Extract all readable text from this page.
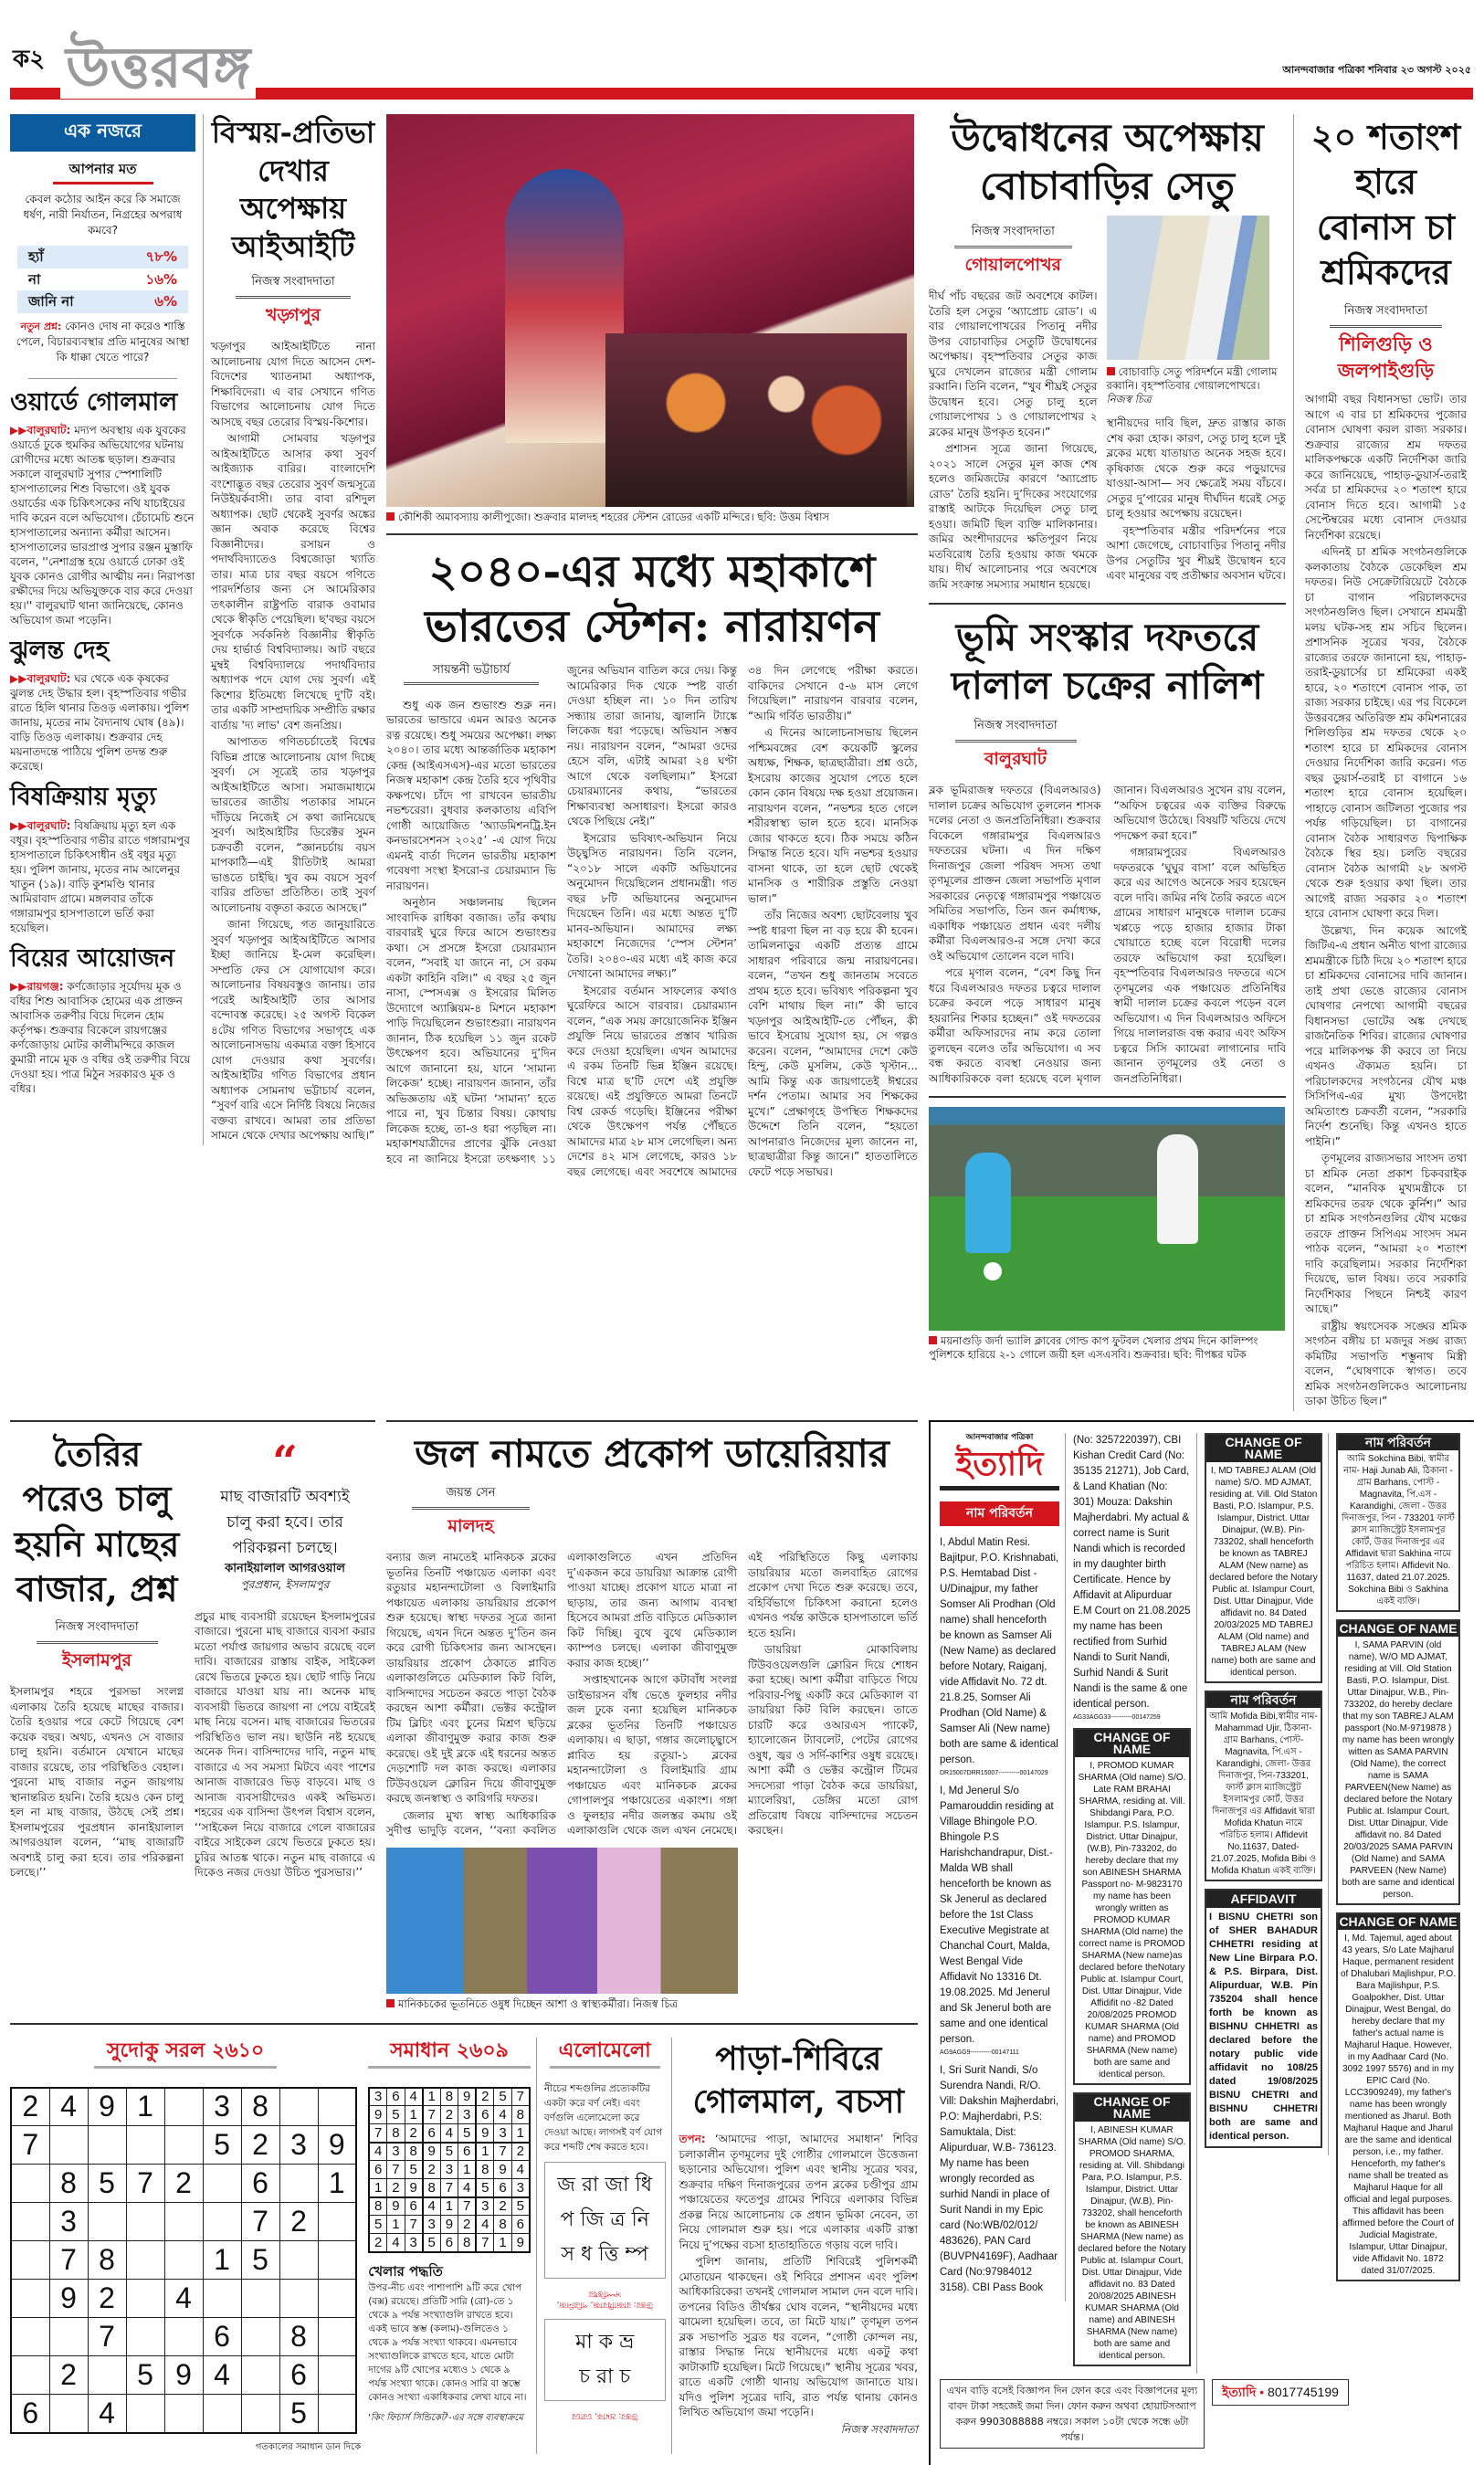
ক২ উত্তরবঙ্গ	আনন্দবাজার পত্রিকা শনিবার ২৩ অগস্ট ২০২৫
এক নজরে
আপনার মত
কেবল কঠোর আইন করে কি সমাজে ধর্ষণ, নারী নির্যাতন, নিগ্রহের অপরাধ কমবে?
হ্যাঁ	৭৮%
না	১৬%
জানি না	৬%
নতুন প্রশ্ন: কোনও দোষ না করেও শাস্তি পেলে, বিচারব্যবস্থার প্রতি মানুষের আস্থা কি ধাক্কা খেতে পারে?
ওয়ার্ডে গোলমাল

▶▶বালুরঘাট: মদ্যপ অবস্থায় এক যুবকের ওয়ার্ডে ঢুকে হুমকির অভিযোগের ঘটনায় রোগীদের মধ্যে আতঙ্ক ছড়াল। শুক্রবার সকালে বালুরঘাট সুপার স্পেশালিটি হাসপাতালের শিশু বিভাগে। ওই যুবক ওয়ার্ডের এক চিকিৎসকের নথি যাচাইয়ের দাবি করেন বলে অভিযোগ। চেঁচামেচি শুনে হাসপাতালের অন্যান্য কর্মীরা আসেন। হাসপাতালের ভারপ্রাপ্ত সুপার রঞ্জন মুস্তাফি বলেন, ''নেশাগ্রস্ত হয়ে ওয়ার্ডে ঢোকা ওই যুবক কোনও রোগীর আত্মীয় নন। নিরাপত্তা রক্ষীদের দিয়ে অভিযুক্তকে বার করে দেওয়া হয়।'' বালুরঘাট থানা জানিয়েছে, কোনও অভিযোগ জমা পড়েনি।

ঝুলন্ত দেহ

▶▶বালুরঘাট: ঘর থেকে এক কৃষকের ঝুলন্ত দেহ উদ্ধার হল। বৃহস্পতিবার গভীর রাতে হিলি থানার তিওড় এলাকায়। পুলিশ জানায়, মৃতের নাম বৈদ্যনাথ ঘোষ (৪৯)। বাড়ি তিওড় এলাকায়। শুক্রবার দেহ ময়নাতদন্তে পাঠিয়ে পুলিশ তদন্ত শুরু করেছে।

বিষক্রিয়ায় মৃত্যু

▶▶বালুরঘাট: বিষক্রিয়ায় মৃত্যু হল এক বধূর। বৃহস্পতিবার গভীর রাতে গঙ্গারামপুর হাসপাতালে চিকিৎসাধীন ওই বধূর মৃত্যু হয়। পুলিশ জানায়, মৃতের নাম আলেনুর খাতুন (১৯)। বাড়ি কুশমণ্ডি থানার আমিরাবাদ গ্রামে। মঙ্গলবার তাঁকে গঙ্গারামপুর হাসপাতালে ভর্তি করা হয়েছিল।

বিয়ের আয়োজন

▶▶রায়গঞ্জ: কর্ণজোড়ার সূর্যোদয় মূক ও বধির শিশু আবাসিক হোমের এক প্রাক্তন আবাসিক তরুণীর বিয়ে দিলেন হোম কর্তৃপক্ষ। শুক্রবার বিকেলে রায়গঞ্জের কর্ণজোড়ায় মোটর কালীমন্দিরে কাজল কুমারী নামে মূক ও বধির ওই তরুণীর বিয়ে দেওয়া হয়। পাত্র মিঠুন সরকারও মূক ও বধির।

বিস্ময়-প্রতিভা দেখার অপেক্ষায় আইআইটি
নিজস্ব সংবাদদাতা
খড়্গপুর

খড়্গপুর আইআইটিতে নানা আলোচনায় যোগ দিতে আসেন দেশ-বিদেশের খ্যাতনামা অধ্যাপক, শিক্ষাবিদেরা। এ বার সেখানে গণিত বিভাগের আলোচনায় যোগ দিতে আসছে বছর তেরোর বিস্ময়-কিশোর।

আগামী সোমবার খড়্গপুর আইআইটিতে আসার কথা সুবর্ণ আইজ্যাক বারির। বাংলাদেশি বংশোদ্ভূত বছর তেরোর সুবর্ণ জন্মসূত্রে নিউইয়র্কবাসী। তার বাবা রশিদুল অধ্যাপক। ছোট থেকেই সুবর্ণর অঙ্কের জ্ঞান অবাক করেছে বিশ্বের বিজ্ঞানীদের। রসায়ন ও পদার্থবিদ্যাতেও বিশ্বজোড়া খ্যাতি তার। মাত্র চার বছর বয়সে গণিতে পারদর্শিতার জন্য সে আমেরিকার তৎকালীন রাষ্ট্রপতি বারাক ওবামার থেকে স্বীকৃতি পেয়েছিল। ছ'বছর বয়সে সুবর্ণকে সর্বকনিষ্ঠ বিজ্ঞানীর স্বীকৃতি দেয় হার্ভার্ড বিশ্ববিদ্যালয়। আট বছরে মুম্বই বিশ্ববিদ্যালয়ে পদার্থবিদ্যার অধ্যাপক পদে যোগ দেয় সুবর্ণ। এই কিশোর ইতিমধ্যে লিখেছে দু'টি বই। তার একটি সাম্প্রদায়িক সম্প্রীতি রক্ষার বার্তায় 'দ্য লাভ' বেশ জনপ্রিয়।

আপাতত গণিতচর্চাতেই বিশ্বের বিভিন্ন প্রান্তে আলোচনায় যোগ দিচ্ছে সুবর্ণ। সে সূত্রেই তার খড়্গপুর আইআইটিতে আসা। সমাজমাধ্যমে ভারতের জাতীয় পতাকার সামনে দাঁড়িয়ে নিজেই সে কথা জানিয়েছে সুবর্ণ। আইআইটির ডিরেক্টর সুমন চক্রবর্তী বলেন, “জ্ঞানচর্চায় বয়স মাপকাঠি—এই রীতিটাই আমরা ভাঙতে চাইছি। খুব কম বয়সে সুবর্ণ বারির প্রতিভা প্রতিষ্ঠিত। তাই সুবর্ণ আলোচনায় বক্তৃতা করতে আসছে।”

জানা গিয়েছে, গত জানুয়ারিতে সুবর্ণ খড়্গপুর আইআইটিতে আসার ইচ্ছা জানিয়ে ই-মেল করেছিল। সম্প্রতি ফের সে যোগাযোগ করে। আলোচনার বিষয়বস্তুও জানায়। তার পরেই আইআইটি তার আসার বন্দোবস্ত করেছে। ২৫ অগস্ট বিকেল ৪টেয় গণিত বিভাগের সভাগৃহে এক আলোচনাসভায় একমাত্র বক্তা হিসাবে যোগ দেওয়ার কথা সুবর্ণের। আইআইটির গণিত বিভাগের প্রধান অধ্যাপক সোমনাথ ভট্টাচার্য বলেন, “সুবর্ণ বারি এসে নির্দিষ্ট বিষয়ে নিজের বক্তব্য রাখবে। আমরা তার প্রতিভা সামনে থেকে দেখার অপেক্ষায় আছি।”

কৌশিকী অমাবস্যায় কালীপুজো। শুক্রবার মালদহ শহরের স্টেশন রোডের একটি মন্দিরে। ছবি: উত্তম বিশ্বাস
২০৪০-এর মধ্যে মহাকাশে ভারতের স্টেশন: নারায়ণন
সায়ন্তনী ভট্টাচার্য

শুধু এক জন শুভাংশু শুক্ল নন। ভারতের ভান্ডারে এমন আরও অনেক রত্ন রয়েছে। শুধু সময়ের অপেক্ষা। লক্ষ্য ২০৪০। তার মধ্যে আন্তর্জাতিক মহাকাশ কেন্দ্র (আইএসএস)-এর মতো ভারতের নিজস্ব মহাকাশ কেন্দ্র তৈরি হবে পৃথিবীর কক্ষপথে। চাঁদে পা রাখবেন ভারতীয় নভশ্চরেরা। বুধবার কলকাতায় এবিপি গোষ্ঠী আয়োজিত ‘অ্যাডমিশনট্রি.ইন কনভারসেশনস ২০২৫’ -এ যোগ দিয়ে এমনই বার্তা দিলেন ভারতীয় মহাকাশ গবেষণা সংস্থা ইসরো-র চেয়ারম্যান ভি নারায়ণন।

অনুষ্ঠান সঞ্চালনায় ছিলেন সাংবাদিক রাধিকা বজাজ। তাঁর কথায় বারবারই ঘুরে ফিরে আসে শুভাংশুর কথা। সে প্রসঙ্গে ইসরো চেয়ারম্যান বলেন, “সবাই যা জানে না, সে রকম একটা কাহিনি বলি।” এ বছর ২৫ জুন নাসা, স্পেসএক্স ও ইসরোর মিলিত উদ্যোগে অ্যাক্সিয়ম-৪ মিশনে মহাকাশ পাড়ি দিয়েছিলেন শুভাংশুরা। নারায়ণন জানান, ঠিক হয়েছিল ১১ জুন রকেট উৎক্ষেপণ হবে। অভিযানের দু’দিন আগে জানানো হয়, যানে ‘সামান্য লিকেজ’ হচ্ছে। নারায়ণন জানান, তাঁর অভিজ্ঞতায় এই ঘটনা ‘সামান্য’ হতে পারে না, খুব চিন্তার বিষয়। কোথায় লিকেজ হচ্ছে, তা-ও ধরা পড়ছিল না। মহাকাশযাত্রীদের প্রাণের ঝুঁকি নেওয়া হবে না জানিয়ে ইসরো তৎক্ষণাৎ ১১ জুনের অভিযান বাতিল করে দেয়। কিন্তু আমেরিকার দিক থেকে স্পষ্ট বার্তা দেওয়া হচ্ছিল না। ১০ দিন তারিখ সন্ধ্যায় তারা জানায়, জ্বালানি ট্যাঙ্কে লিকেজ ধরা পড়েছে। অভিযান সম্ভব নয়। নারায়ণন বলেন, “আমরা ওদের হেসে বলি, এটাই আমরা ২৪ ঘণ্টা আগে থেকে বলছিলাম।” ইসরো চেয়ারম্যানের কথায়, “ভারতের শিক্ষাব্যবস্থা অসাধারণ। ইসরো কারও থেকে পিছিয়ে নেই।”

ইসরোর ভবিষ্যৎ-অভিযান নিয়ে উচ্ছ্বসিত নারায়ণন। তিনি বলেন, “২০১৮ সালে একটি অভিযানের অনুমোদন দিয়েছিলেন প্রধানমন্ত্রী। গত বছর ৮টি অভিযানের অনুমোদন দিয়েছেন তিনি। এর মধ্যে অন্তত দু’টি মানব-অভিযান। আমাদের লক্ষ্য মহাকাশে নিজেদের ‘স্পেস স্টেশন’ তৈরি। ২০৪০-এর মধ্যে এই কাজ করে দেখানো আমাদের লক্ষ্য।”

ইসরোর বর্তমান সাফল্যের কথাও ঘুরেফিরে আসে বারবার। চেয়ারম্যান বলেন, “এক সময় ক্রায়োজেনিক ইঞ্জিন প্রযুক্তি নিয়ে ভারতের প্রস্তাব খারিজ করে দেওয়া হয়েছিল। এখন আমাদের এ রকম তিনটি ভিন্ন ইঞ্জিন রয়েছে। বিশ্বে মাত্র ছ’টি দেশে এই প্রযুক্তি রয়েছে। এই প্রযুক্তিতে আমরা তিনটে বিশ্ব রেকর্ড গড়েছি। ইঞ্জিনের পরীক্ষা থেকে উৎক্ষেপণ পর্যন্ত পৌঁছতে আমাদের মাত্র ২৮ মাস লেগেছিল। অন্য দেশের ৪২ মাস লেগেছে, কারও ১৮ বছর লেগেছে। এবং সবশেষে আমাদের ৩৪ দিন লেগেছে পরীক্ষা করতে। বাকিদের সেখানে ৫-৬ মাস লেগে গিয়েছিল।” নারায়ণন বারবার বলেন, “আমি গর্বিত ভারতীয়।”

এ দিনের আলোচনাসভায় ছিলেন পশ্চিমবঙ্গের বেশ কয়েকটি স্কুলের অধ্যক্ষ, শিক্ষক, ছাত্রছাত্রীরা। প্রশ্ন ওঠে, ইসরোয় কাজের সুযোগ পেতে হলে কোন কোন বিষয়ে দক্ষ হওয়া প্রয়োজন। নারায়ণন বলেন, “নভশ্চর হতে গেলে শরীরস্বাস্থ্য ভাল হতে হবে। মানসিক জোর থাকতে হবে। ঠিক সময়ে কঠিন সিদ্ধান্ত নিতে হবে। যদি নভশ্চর হওয়ার বাসনা থাকে, তা হলে ছোট থেকেই মানসিক ও শারীরিক প্রস্তুতি নেওয়া ভাল।”

তাঁর নিজের অবশ্য ছোটবেলায় খুব স্পষ্ট ধারণা ছিল না বড় হয়ে কী হবেন। তামিলনাড়ুর একটি প্রত্যন্ত গ্রামে সাধারণ পরিবারে জন্ম নারায়ণনের। বলেন, “তখন শুধু জানতাম সবেতে প্রথম হতে হবে। ভবিষ্যৎ পরিকল্পনা খুব বেশি মাথায় ছিল না।” কী ভাবে খড়্গপুর আইআইটি-তে পৌঁছন, কী ভাবে ইসরোয় সুযোগ হয়, সে গল্পও করেন। বলেন, “আমাদের দেশে কেউ হিন্দু, কেউ মুসলিম, কেউ খৃস্টান... আমি কিন্তু এক জায়গাতেই ঈশ্বরের দর্শন পেতাম। আমার সব শিক্ষকের মুখে।” প্রেক্ষাগৃহে উপস্থিত শিক্ষকদের উদ্দেশে তিনি বলেন, “হয়তো আপনারাও নিজেদের মূল্য জানেন না, ছাত্রছাত্রীরা কিন্তু জানে।” হাততালিতে ফেটে পড়ে সভাঘর।

উদ্বোধনের অপেক্ষায় বোচাবাড়ির সেতু
নিজস্ব সংবাদদাতা
গোয়ালপোখর

দীর্ঘ পাঁচ বছরের জট অবশেষে কাটল। তৈরি হল সেতুর ‘অ্যাপ্রোচ রোড’। এ বার গোয়ালপোখরের পিতানু নদীর উপর বোচাবাড়ির সেতুটি উদ্বোধনের অপেক্ষায়। বৃহস্পতিবার সেতুর কাজ ঘুরে দেখলেন রাজ্যের মন্ত্রী গোলাম রব্বানি। তিনি বলেন, “খুব শীঘ্রই সেতুর উদ্বোধন হবে। সেতু চালু হলে গোয়ালপোখর ১ ও গোয়ালপোখর ২ ব্লকের মানুষ উপকৃত হবেন।”

প্রশাসন সূত্রে জানা গিয়েছে, ২০২১ সালে সেতুর মূল কাজ শেষ হলেও জমিজটের কারণে ‘অ্যাপ্রোচ রোড’ তৈরি হয়নি। দু’দিকের সংযোগের রাস্তাই আটকে দিয়েছিল সেতু চালু হওয়া। জমিটি ছিল ব্যক্তি মালিকানার। জমির অংশীদারদের ক্ষতিপূরণ নিয়ে মতবিরোধ তৈরি হওয়ায় কাজ থমকে যায়। দীর্ঘ আলোচনার পরে অবশেষে জমি সংক্রান্ত সমস্যার সমাধান হয়েছে।

বোচাবাড়ি সেতু পরিদর্শনে মন্ত্রী গোলাম রব্বানি। বৃহস্পতিবার গোয়ালপোখরে। নিজস্ব চিত্র

স্থানীয়দের দাবি ছিল, দ্রুত রাস্তার কাজ শেষ করা হোক। কারণ, সেতু চালু হলে দুই ব্লকের মধ্যে যাতায়াত অনেক সহজ হবে। কৃষিকাজ থেকে শুরু করে পড়ুয়াদের যাওয়া-আসা— সব ক্ষেত্রেই সময় বাঁচবে। সেতুর দু’পারের মানুষ দীর্ঘদিন ধরেই সেতু চালু হওয়ার অপেক্ষায় রয়েছেন।

বৃহস্পতিবার মন্ত্রীর পরিদর্শনের পরে আশা জেগেছে, বোচাবাড়ির পিতানু নদীর উপর সেতুটির খুব শীঘ্রই উদ্বোধন হবে এবং মানুষের বহু প্রতীক্ষার অবসান ঘটবে।

ভূমি সংস্কার দফতরে দালাল চক্রের নালিশ
নিজস্ব সংবাদদাতা
বালুরঘাট

ব্লক ভূমিরাজস্ব দফতরে (বিএলআরও) দালাল চক্রের অভিযোগ তুললেন শাসক দলের নেতা ও জনপ্রতিনিধিরা। শুক্রবার বিকেলে গঙ্গারামপুর বিএলআরও দফতরের ঘটনা। এ দিন দক্ষিণ দিনাজপুর জেলা পরিষদ সদস্য তথা তৃণমূলের প্রাক্তন জেলা সভাপতি মৃণাল সরকারের নেতৃত্বে গঙ্গারামপুর পঞ্চায়েত সমিতির সভাপতি, তিন জন কর্মাধ্যক্ষ, একাধিক পঞ্চায়েত প্রধান এবং দলীয় কর্মীরা বিএলআরও-র সঙ্গে দেখা করে ওই অভিযোগ তোলেন বলে দাবি।

পরে মৃণাল বলেন, “বেশ কিছু দিন ধরে বিএলআরও দফতর চত্বরে দালাল চক্রের কবলে পড়ে সাধারণ মানুষ হয়রানির শিকার হচ্ছেন।” ওই দফতরের কর্মীরা অফিসারদের নাম করে তোলা তুলছেন বলেও তাঁর অভিযোগ। এ সব বন্ধ করতে ব্যবস্থা নেওয়ার জন্য আধিকারিককে বলা হয়েছে বলে মৃণাল জানান। বিএলআরও সুখেন রায় বলেন, “অফিস চত্বরের এক ব্যক্তির বিরুদ্ধে অভিযোগ উঠেছে। বিষয়টি খতিয়ে দেখে পদক্ষেপ করা হবে।”

গঙ্গারামপুরের বিএলআরও দফতরকে ‘ঘুঘুর বাসা’ বলে অভিহিত করে এর আগেও অনেকে সরব হয়েছেন বলে দাবি। জমির নথি তৈরি করতে এসে গ্রামের সাধারণ মানুষকে দালাল চক্রের খপ্পড়ে পড়ে হাজার হাজার টাকা খোয়াতে হচ্ছে বলে বিরোধী দলের তরফে অভিযোগ করা হয়েছিল। বৃহস্পতিবার বিএলআরও দফতরে এসে তৃণমূলের এক পঞ্চায়েত প্রতিনিধির স্বামী দালাল চক্রের কবলে পড়েন বলে অভিযোগ। এ দিন বিএলআরও অফিসে গিয়ে দালালরাজ বন্ধ করার এবং অফিস চত্বরে সিসি ক্যামেরা লাগানোর দাবি জানান তৃণমূলের ওই নেতা ও জনপ্রতিনিধিরা।

ময়নাগুড়ি জর্দা ভ্যালি ক্লাবের গোল্ড কাপ ফুটবল খেলার প্রথম দিনে কালিম্পং পুলিশকে হারিয়ে ২-১ গোলে জয়ী হল এসএসবি। শুক্রবার। ছবি: দীপঙ্কর ঘটক
২০ শতাংশ হারে বোনাস চা শ্রমিকদের
নিজস্ব সংবাদদাতা
শিলিগুড়ি ও জলপাইগুড়ি

আগামী বছর বিধানসভা ভোট। তার আগে এ বার চা শ্রমিকদের পুজোর বোনাস ঘোষণা করল রাজ্য সরকার। শুক্রবার রাজ্যের শ্রম দফতর মালিকপক্ষকে একটি নির্দেশিকা জারি করে জানিয়েছে, পাহাড়-ডুয়ার্স-তরাই সর্বত্র চা শ্রমিকদের ২০ শতাংশ হারে বোনাস দিতে হবে। আগামী ১৫ সেপ্টেম্বরের মধ্যে বোনাস দেওয়ার নির্দেশিকা রয়েছে।

এদিনই চা শ্রমিক সংগঠনগুলিকে কলকাতায় বৈঠকে ডেকেছিল শ্রম দফতর। নিউ সেক্রেটারিয়েটে বৈঠকে চা বাগান পরিচালকদের সংগঠনগুলিও ছিল। সেখানে শ্রমমন্ত্রী মলয় ঘটক-সহ শ্রম সচিব ছিলেন। প্রশাসনিক সূত্রের খবর, বৈঠকে রাজ্যের তরফে জানানো হয়, পাহাড়-তরাই-ডুয়ার্সের চা শ্রমিকেরা একই হারে, ২০ শতাংশে বোনাস পাক, তা রাজ্য সরকার চাইছে। এর পর বিকেলে উত্তরবঙ্গের অতিরিক্ত শ্রম কমিশনারের শিলিগুড়ির শ্রম দফতর থেকে ২০ শতাংশ হারে চা শ্রমিকদের বোনাস দেওয়ার নির্দেশিকা জারি করেন। গত বছর ডুয়ার্স-তরাই চা বাগানে ১৬ শতাংশ হারে বোনাস হয়েছিল। পাহাড়ে বোনাস জটিলতা পুজোর পর পর্যন্ত গড়িয়েছিল। চা বাগানের বোনাস বৈঠক সাধারণত দ্বিপাক্ষিক বৈঠকে স্থির হয়। চলতি বছরের বোনাস বৈঠক আগামী ২৮ অগস্ট থেকে শুরু হওয়ার কথা ছিল। তার আগেই রাজ্য সরকার ২০ শতাংশ হারে বোনাস ঘোষণা করে দিল।

উল্লেখ্য, দিন কয়েক আগেই জিটিএ-এ প্রধান অনীত থাপা রাজ্যের শ্রমমন্ত্রীকে চিঠি দিয়ে ২০ শতাংশ হারে চা শ্রমিকদের বোনাসের দাবি জানান। তাই প্রথা ভেঙে রাজ্যের বোনাস ঘোষণার নেপথ্যে আগামী বছরের বিধানসভা ভোটের অঙ্ক দেখছে রাজনৈতিক শিবির। রাজ্যের ঘোষণার পরে মালিকপক্ষ কী করবে তা নিয়ে এখনও ঐক্যমত হয়নি। চা পরিচালকদের সংগঠনের যৌথ মঞ্চ সিসিপিএ-এর মুখ্য উপদেষ্টা অমিতাংশু চক্রবর্তী বলেন, “সরকারি নির্দেশ শুনেছি। কিন্তু এখনও হাতে পাইনি।”

তৃণমূলের রাজ্যসভার সাংসদ তথা চা শ্রমিক নেতা প্রকাশ চিকবরাইক বলেন, “মানবিক মুখ্যমন্ত্রীকে চা শ্রমিকদের তরফ থেকে কুর্নিশ।” আর চা শ্রমিক সংগঠনগুলির যৌথ মঞ্চের তরফে প্রাক্তন সিপিএম সাংসদ সমন পাঠক বলেন, “আমরা ২০ শতাংশ দাবি করেছিলাম। সরকার নির্দেশিকা দিয়েছে, ভাল বিষয়। তবে সরকারি নির্দেশিকার পিছনে নিশ্চই কারণ আছে।”

রাষ্ট্রীয় স্বয়ংসেবক সঙ্ঘের শ্রমিক সংগঠন বঙ্গীয় চা মজদুর সঙ্ঘ রাজ্য কমিটির সভাপতি শম্ভুনাথ মিস্ত্রী বলেন, “ঘোষণাকে স্বাগত। তবে শ্রমিক সংগঠনগুলিকেও আলোচনায় ডাকা উচিত ছিল।”

তৈরির পরেও চালু হয়নি মাছের বাজার, প্রশ্ন
নিজস্ব সংবাদদাতা
ইসলামপুর

ইসলামপুর শহরে পুরসভা সংলগ্ন এলাকায় তৈরি হয়েছে মাছের বাজার। তৈরি হওয়ার পরে কেটে গিয়েছে বেশ কয়েক বছর। অথচ, এখনও সে বাজার চালু হয়নি। বর্তমানে যেখানে মাছের বাজার রয়েছে, তার পরিস্থিতিও বেহাল। পুরনো মাছ বাজার নতুন জায়গায় স্থানান্তরিত হয়নি। তৈরি হয়েও কেন চালু হল না মাছ বাজার, উঠছে সেই প্রশ্ন। ইসলামপুরের পুরপ্রধান কানাইয়ালাল আগরওয়াল বলেন, ‘‘মাছ বাজারটি অবশ্যই চালু করা হবে। তার পরিকল্পনা চলছে।’’

“
মাছ বাজারটি অবশ্যই চালু করা হবে। তার পরিকল্পনা চলছে।
কানাইয়ালাল আগরওয়াল
পুরপ্রধান, ইসলামপুর

প্রচুর মাছ ব্যবসায়ী রয়েছেন ইসলামপুরের বাজারে। পুরনো মাছ বাজারে ব্যবসা করার মতো পর্যাপ্ত জায়গার অভাব রয়েছে বলে দাবি। বাজারের রাস্তায় বাইক, সাইকেল রেখে ভিতরে ঢুকতে হয়। ছোট গাড়ি নিয়ে বাজারে যাওয়া যায় না। অনেক মাছ ব্যবসায়ী ভিতরে জায়গা না পেয়ে বাইরেই মাছ নিয়ে বসেন। মাছ বাজারের ভিতরের পরিস্থিতিও ভাল নয়। ছাউনি নষ্ট হয়েছে অনেক দিন। বাসিন্দাদের দাবি, নতুন মাছ বাজারে এ সব সমস্যা মিটবে এবং পাশের আনাজ বাজারেও ভিড় বাড়বে। মাছ ও আনাজ ব্যবসায়ীদেরও একই অভিমত। শহরের এক বাসিন্দা উৎপল বিশ্বাস বলেন, ‘‘সাইকেল নিয়ে বাজারে গেলে বাজারের বাইরে সাইকেল রেখে ভিতরে ঢুকতে হয়। চুরির আতঙ্ক থাকে। নতুন মাছ বাজারে এ দিকেও নজর দেওয়া উচিত পুরসভার।’’

জল নামতে প্রকোপ ডায়েরিয়ার
জয়ন্ত সেন
মালদহ

বন্যার জল নামতেই মানিকচক ব্লকের ভূতনির তিনটি পঞ্চায়েত এলাকা এবং রতুয়ার মহানন্দাটোলা ও বিলাইমারি পঞ্চায়েত এলাকায় ডায়রিয়ার প্রকোপ শুরু হয়েছে। স্বাস্থ্য দফতর সূত্রে জানা গিয়েছে, এখন দিনে অন্তত দু’তিন জন করে রোগী চিকিৎসার জন্য আসছেন। ডায়রিয়ার প্রকোপ ঠেকাতে প্লাবিত এলাকাগুলিতে মেডিক্যাল কিট বিলি, বাসিন্দাদের সচেতন করতে পাড়া বৈঠক করছেন আশা কর্মীরা। ভেক্টর কন্ট্রোল টিম ব্লিচিং এবং চুনের মিশ্রণ ছড়িয়ে এলাকা জীবাণুমুক্ত করার কাজ শুরু করেছে। ওই দুই ব্লকে এই ধরনের অন্তত দেড়শোটি দল কাজ করছে। এলাকার টিউবওয়েল ক্লোরিন দিয়ে জীবাণুমুক্ত করছে জনস্বাস্থ্য ও কারিগরি দফতর।

জেলার মুখ্য স্বাস্থ্য আধিকারিক সুদীপ্ত ভাদুড়ি বলেন, ‘‘বন্যা কবলিত এলাকাগুলিতে এখন প্রতিদিন দু’একজন করে ডায়রিয়া আক্রান্ত রোগী পাওয়া যাচ্ছে। প্রকোপ যাতে মাত্রা না ছাড়ায়, তার জন্য আগাম ব্যবস্থা হিসেবে আমরা প্রতি বাড়িতে মেডিক্যাল কিট দিচ্ছি। বুথে বুথে মেডিক্যাল ক্যাম্পও চলছে। এলাকা জীবাণুমুক্ত করার কাজ হচ্ছে।’’

সপ্তাহখানেক আগে কটাবাঁধ সংলগ্ন ডাইভারসন বাঁধ ভেঙে ফুলহার নদীর জল ঢুকে বন্যা হয়েছিল মানিকচক ব্লকের ভূতনির তিনটি পঞ্চায়েত এলাকায়। এ ছাড়া, গঙ্গার জলোচ্ছ্বাসে প্লাবিত হয় রতুয়া-১ ব্লকের মহানন্দাটোলা ও বিলাইমারি গ্রাম পঞ্চায়েত এবং মানিকচক ব্লকের গোপালপুর পঞ্চায়েতের একাংশ। গঙ্গা ও ফুলহার নদীর জলস্তর কমায় ওই এলাকাগুলি থেকে জল এখন নেমেছে। এই পরিস্থিতিতে কিছু এলাকায় ডায়রিয়ার মতো জলবাহিত রোগের প্রকোপ দেখা দিতে শুরু করেছে। তবে, বহির্বিভাগে চিকিৎসা করানো হলেও এখনও পর্যন্ত কাউকে হাসপাতালে ভর্তি হতে হয়নি।

ডায়রিয়া মোকাবিলায় টিউবওয়েলগুলি ক্লোরিন দিয়ে শোধন করা হচ্ছে। আশা কর্মীরা বাড়িতে গিয়ে পরিবার-পিছু একটি করে মেডিক্যাল বা ডায়রিয়া কিট বিলি করছেন। তাতে চারটি করে ওআরএস প্যাকেট, হ্যালোজেন ট্যাবলেট, পেটের রোগের ওষুধ, জ্বর ও সর্দি-কাশির ওষুধ রয়েছে। আশা কর্মী ও ভেক্টর কন্ট্রোল টিমের সদস্যেরা পাড়া বৈঠক করে ডায়রিয়া, ম্যালেরিয়া, ডেঙ্গির মতো রোগ প্রতিরোধ বিষয়ে বাসিন্দাদের সচেতন করছেন।

মানিকচকের ভূতনিতে ওষুধ দিচ্ছেন আশা ও স্বাস্থ্যকর্মীরা। নিজস্ব চিত্র
আনন্দবাজার পত্রিকা
ইত্যাদি
নাম পরিবর্তন
I, Abdul Matin Resi. Bajitpur, P.O. Krishnabati, P.S. Hemtabad Dist - U/Dinajpur, my father Somser Ali Prodhan (Old name) shall henceforth be known as Samser Ali (New Name) as declared before Notary, Raiganj, vide Affidavit No. 72 dt. 21.8.25, Somser Ali Prodhan (Old Name) & Samser Ali (New name) both are same & identical person.
DR15007DRR15007----------00147029
I, Md Jenerul S/o Pamarouddin residing at Village Bhingole P.O. Bhingole P.S Harishchandrapur, Dist.-Malda WB shall henceforth be known as Sk Jenerul as declared before the 1st Class Executive Megistrate at Chanchal Court, Malda, West Bengal Vide Affidavit No 13316 Dt. 19.08.2025. Md Jenerul and Sk Jenerul both are same and one identical person.
AG9AGG9----------00147111
I, Sri Surit Nandi, S/o Surendra Nandi, R/O. Vill: Dakshin Majherdabri, P.O: Majherdabri, P.S: Samuktala, Dist: Alipurduar, W.B- 736123. My name has been wrongly recorded as surhid Nandi in place of Surit Nandi in my Epic card (No:WB/02/012/ 483626), PAN Card (BUVPN4169F), Aadhaar Card (No:97984012 3158). CBI Pass Book
(No: 3257220397), CBI Kishan Credit Card (No: 35135 21271), Job Card, & Land Khatian (No: 301) Mouza: Dakshin Majherdabri. My actual & correct name is Surit Nandi which is recorded in my daughter birth Certificate. Hence by Affidavit at Alipurduar E.M Court on 21.08.2025 my name has been rectified from Surhid Nandi to Surit Nandi, Surhid Nandi & Surit Nandi is the same & one identical person.
AG33AGG33----------00147259
CHANGE OF NAME
I, PROMOD KUMAR SHARMA (Old name) S/O. Late RAM BRAHAI SHARMA, residing at. Vill. Shibdangi Para, P.O. Islampur. P.S. Islampur, District. Uttar Dinajpur, (W.B), Pin-733202, do hereby declare that my son ABINESH SHARMA Passport no- M-9823170 my name has been wrongly written as PROMOD KUMAR SHARMA (Old name) the correct name is PROMOD SHARMA (New name)as declared before theNotary Public at. Islampur Court, Dist. Uttar Dinajpur, Vide Affidifit no -82 Dated 20/08/2025 PROMOD KUMAR SHARMA (Old name) and PROMOD SHARMA (New name) both are same and identical person.
CHANGE OF NAME
I, ABINESH KUMAR SHARMA (Old name) S/O. PROMOD SHARMA, residing at. Vill. Shibdangi Para, P.O. Islampur, P.S. Islampur, District. Uttar Dinajpur, (W.B), Pin-733202, shall henceforth be known as ABINESH SHARMA (New name) as declared before the Notary Public at. Islampur Court, Dist. Uttar Dinajpur, Vide affidavit no. 83 Dated 20/08/2025 ABINESH KUMAR SHARMA (Old name) and ABINESH SHARMA (New name) both are same and identical person.
CHANGE OF NAME
I, MD TABREJ ALAM (Old name) S/O. MD AJMAT, residing at. Vill. Old Staton Basti, P.O. Islampur, P.S. Islampur, District. Uttar Dinajpur, (W.B). Pin-733202, shall henceforth be known as TABREJ ALAM (New name) as declared before the Notary Public at. Islampur Court, Dist. Uttar Dinajpur, Vide affidavit no. 84 Dated 20/03/2025 MD TABREJ ALAM (Old name) and TABREJ ALAM (New name) both are same and identical person.
নাম পরিবর্তন
আমি Mofida Bibi,স্বামীর নাম- Mahammad Ujir, ঠিকানা-গ্রাম Barhans, পোস্ট- Magnavita, পি.এস -Karandighi, জেলা- উত্তর দিনাজপুর, পিন-733201, ফার্স্ট ক্লাস ম্যাজিস্ট্রেট ইসলামপুর কোর্ট, উত্তর দিনাজপুর এর Affidavit দ্বারা Mofida Khatun নামে পরিচিত হলাম। Affidevit No.11637, Dated-21.07.2025, Mofida Bibi ও Mofida Khatun একই ব্যক্তি।
AFFIDAVIT
I BISNU CHETRI son of SHER BAHADUR CHHETRI residing at New Line Birpara P.O. & P.S. Birpara, Dist. Alipurduar, W.B. Pin 735204 shall hence forth be known as BISHNU CHHETRI as declared before the notary public vide affidavit no 108/25 dated 19/08/2025 BISNU CHETRI and BISHNU CHHETRI both are same and identical person.
নাম পরিবর্তন
আমি Sokchina Bibi, স্বামীর নাম- Haji Junab Ali, ঠিকানা - গ্রাম Barhans, পোস্ট - Magnavita, পি.এস - Karandighi, জেলা - উত্তর দিনাজপুর, পিন - 733201 ফার্স্ট ক্লাস ম্যাজিস্ট্রেট ইসলামপুর কোর্ট, উত্তর দিনাজপুর এর Affidavit দ্বারা Sakhina নামে পরিচিত হলাম। Affidevit No. 11637, dated 21.07.2025. Sokchina Bibi ও Sakhina একই ব্যক্তি।
CHANGE OF NAME
I, SAMA PARVIN (old name), W/O MD AJMAT, residing at Vill. Old Station Basti, P.O. Islampur, Dist. Uttar Dinajpur, W.B., Pin-733202, do hereby declare that my son TABREJ ALAM passport (No.M-9719878 ) my name has been wrongly witten as SAMA PARVIN (Old Name), the correct name is SAMA PARVEEN(New Name) as declared before the Notary Public at. Islampur Court, Dist. Uttar Dinajpur, Vide affidavit no. 84 Dated 20/03/2025 SAMA PARVIN (Old Name) and SAMA PARVEEN (New Name) both are same and identical person.
CHANGE OF NAME
I, Md. Tajemul, aged about 43 years, S/o Late Majharul Haque, permanent resident of Dhalubari Majlishpur, P.O. Bara Majlishpur, P.S. Goalpokher, Dist. Uttar Dinajpur, West Bengal, do hereby declare that my father's actual name is Majharul Haque. However, in my Aadhaar Card (No. 3092 1997 5576) and in my EPIC Card (No. LCC3909249), my father's name has been wrongly mentioned as Jharul. Both Majharul Haque and Jharul are the same and identical person, i.e., my father. Henceforth, my father's name shall be treated as Majharul Haque for all official and legal purposes. This affidavit has been affirmed before the Court of Judicial Magistrate, Islampur, Uttar Dinajpur, vide Affidavit No. 1872 dated 31/07/2025.
এখন বাড়ি বসেই বিজ্ঞাপন দিন ফোন করে এবং বিজ্ঞাপনের মূল্য বাবদ টাকা সহজেই জমা দিন। ফোন করুন অথবা হোয়াটসঅ্যাপ করুন 9903088888 নম্বরে। সকাল ১০টা থেকে সন্ধে ৬টা পর্যন্ত।
ইত্যাদি • 8017745199
সুদোকু সরল ২৬১০
2	4	9	1		3	8		
7					5	2	3	9
	8	5	7	2		6		1
	3					7	2	
	7	8			1	5		
	9	2		4				
		7			6		8	
	2		5	9	4		6	
6		4					5	
গতকালের সমাধান ডান দিকে
সমাধান ২৬০৯
3	6	4	1	8	9	2	5	7
9	5	1	7	2	3	6	4	8
7	8	2	6	4	5	9	3	1
4	3	8	9	5	6	1	7	2
6	7	5	2	3	1	8	9	4
1	2	9	8	7	4	5	6	3
8	9	6	4	1	7	3	2	5
5	1	7	3	9	2	4	8	6
2	4	3	5	6	8	7	1	9
খেলার পদ্ধতি
উপর-নীচ এবং পাশাপাশি ৯টি করে খোপ (বক্স) রয়েছে। প্রতিটি সারি (রো)-তে ১ থেকে ৯ পর্যন্ত সংখ্যাগুলি রাখতে হবে। একই ভাবে স্তম্ভ (কলাম)-গুলিতেও ১ থেকে ৯ পর্যন্ত সংখ্যা থাকবে। এমনভাবে সংখ্যাগুলিকে রাখতে হবে, যাতে মোটা দাগের ৯টি খোপের মধ্যেও ১ থেকে ৯ পর্যন্ত সংখ্যা থাকে। কোনও সারি বা স্তম্ভে কোনও সংখ্যা একাধিকবার লেখা যাবে না।
'কিং ফিচার্স সিন্ডিকেট'-এর সঙ্গে ব্যবস্থাক্রমে
এলোমেলো
নীচের শব্দগুলির প্রত্যেকটির একটা করে বর্ণ নেই। এবং বর্ণগুলি এলোমেলো করে দেওয়া আছে। লাগসই বর্ণ যোগ করে শব্দটি শেষ করতে হবে।
জ রা জা ধি
প জি ত্র নি
স ধ ত্তি ম্প
উত্তর: রাজাধিরাজ, পত্রিনিজ, সম্পত্তিধর
মা ক ভ্র
চ রা চ
উত্তর: ভ্রমাক, চরাচর
পাড়া-শিবিরে গোলমাল, বচসা

তপন: ‘আমাদের পাড়া, আমাদের সমাধান’ শিবির চলাকালীন তৃণমূলের দুই গোষ্ঠীর গোলমালে উত্তেজনা ছড়ানোর অভিযোগ। পুলিশ এবং স্থানীয় সূত্রের খবর, শুক্রবার দক্ষিণ দিনাজপুরের তপন ব্লকের চণ্ডীপুর গ্রাম পঞ্চায়েতের ফতেপুর গ্রামের শিবিরে এলাকার বিভিন্ন প্রকল্প নিয়ে আলোচনায় কে প্রধান ভূমিকা নেবেন, তা নিয়ে গোলমাল শুরু হয়। পরে এলাকার একটি রাস্তা নিয়ে দু’পক্ষের বচসা হাতাহাতিতে গড়ায় বলে দাবি।

পুলিশ জানায়, প্রতিটি শিবিরেই পুলিশকর্মী মোতায়েন থাকছেন। ওই শিবিরে প্রশাসন এবং পুলিশ আধিকারিকেরা তখনই গোলমাল সামাল দেন বলে দাবি। তপনের বিডিও তীর্থঙ্কর ঘোষ বলেন, “স্থানীয়দের মধ্যে ঝামেলা হয়েছিল। তবে, তা মিটে যায়।” তৃণমূল তপন ব্লক সভাপতি সুব্রত ধর বলেন, “গোষ্ঠী কোন্দল নয়, রাস্তার সিদ্ধান্ত নিয়ে স্থানীয়দের মধ্যে একটু কথা কাটাকাটি হয়েছিল। মিটে গিয়েছে।” স্থানীয় সূত্রের খবর, রাতে একটি গোষ্ঠী থানায় অভিযোগ জানাতে যায়। যদিও পুলিশ সূত্রের দাবি, রাত পর্যন্ত থানায় কোনও লিখিত অভিযোগ জমা পড়েনি।

নিজস্ব সংবাদদাতা
